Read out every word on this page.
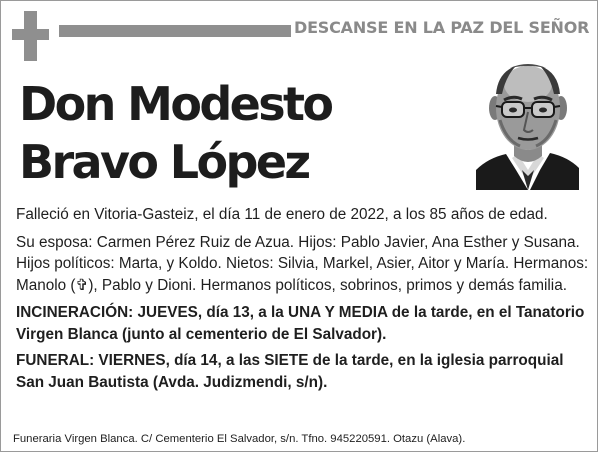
DESCANSE EN LA PAZ DEL SEÑOR
Don Modesto
Bravo López

Falleció en Vitoria-Gasteiz, el día 11 de enero de 2022, a los 85 años de edad.

Su esposa: Carmen Pérez Ruiz de Azua. Hijos: Pablo Javier, Ana Esther y Susana. Hijos políticos: Marta, y Koldo. Nietos: Silvia, Markel, Asier, Aitor y María. Hermanos: Manolo (✞), Pablo y Dioni. Hermanos políticos, sobrinos, primos y demás familia.

INCINERACIÓN: JUEVES, día 13, a la UNA Y MEDIA de la tarde, en el Tanatorio Virgen Blanca (junto al cementerio de El Salvador).

FUNERAL: VIERNES, día 14, a las SIETE de la tarde, en la iglesia parroquial San Juan Bautista (Avda. Judizmendi, s/n).

Funeraria Virgen Blanca. C/ Cementerio El Salvador, s/n. Tfno. 945220591. Otazu (Alava).
